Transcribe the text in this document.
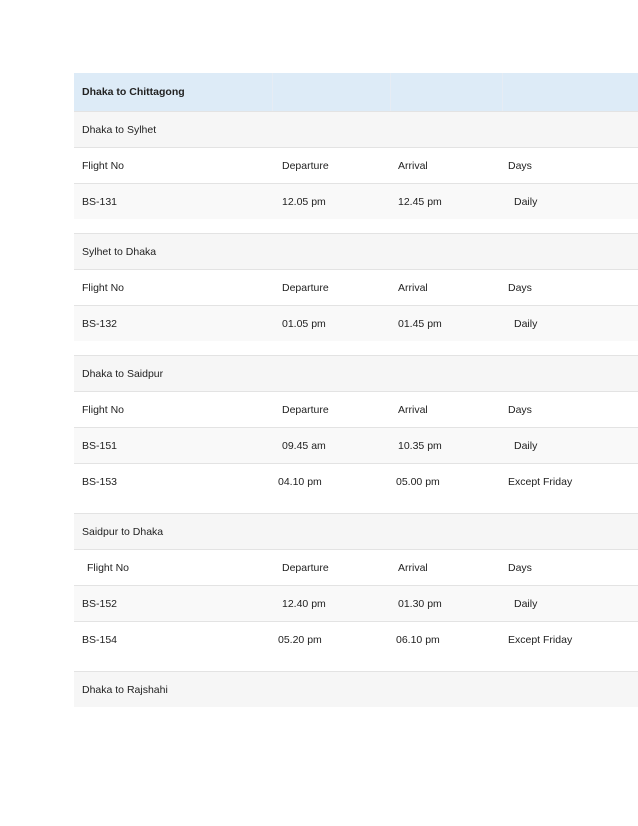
Dhaka to Chittagong
Dhaka to Sylhet
Flight No	Departure	Arrival	Days
BS-131	12.05 pm	12.45 pm	Daily
Sylhet to Dhaka
Flight No	Departure	Arrival	Days
BS-132	01.05 pm	01.45 pm	Daily
Dhaka to Saidpur
Flight No	Departure	Arrival	Days
BS-151	09.45 am	10.35 pm	Daily
BS-153	04.10 pm	05.00 pm	Except Friday
Saidpur to Dhaka
Flight No	Departure	Arrival	Days
BS-152	12.40 pm	01.30 pm	Daily
BS-154	05.20 pm	06.10 pm	Except Friday
Dhaka to Rajshahi
